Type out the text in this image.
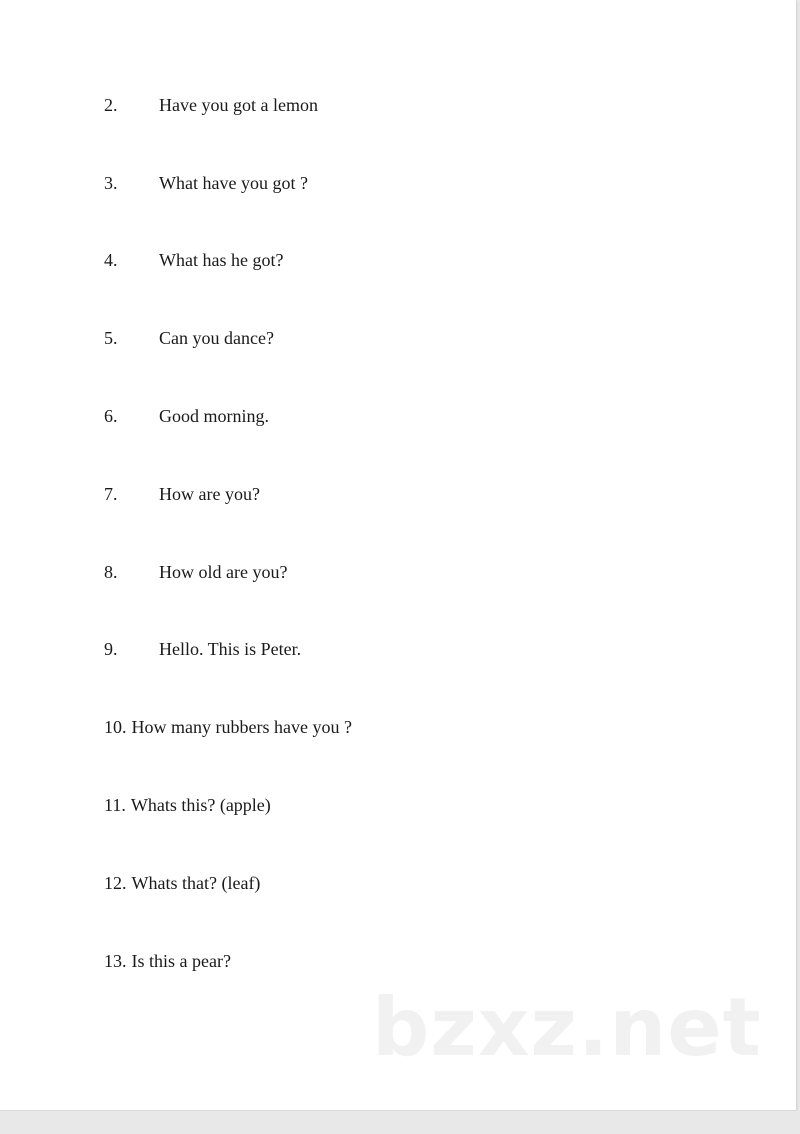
2. Have you got a lemon
3. What have you got ?
4. What has he got?
5. Can you dance?
6. Good morning.
7. How are you?
8. How old are you?
9. Hello. This is Peter.
10. How many rubbers have you ?
11. Whats this? (apple)
12. Whats that? (leaf)
13. Is this a pear?
bzxz.net
